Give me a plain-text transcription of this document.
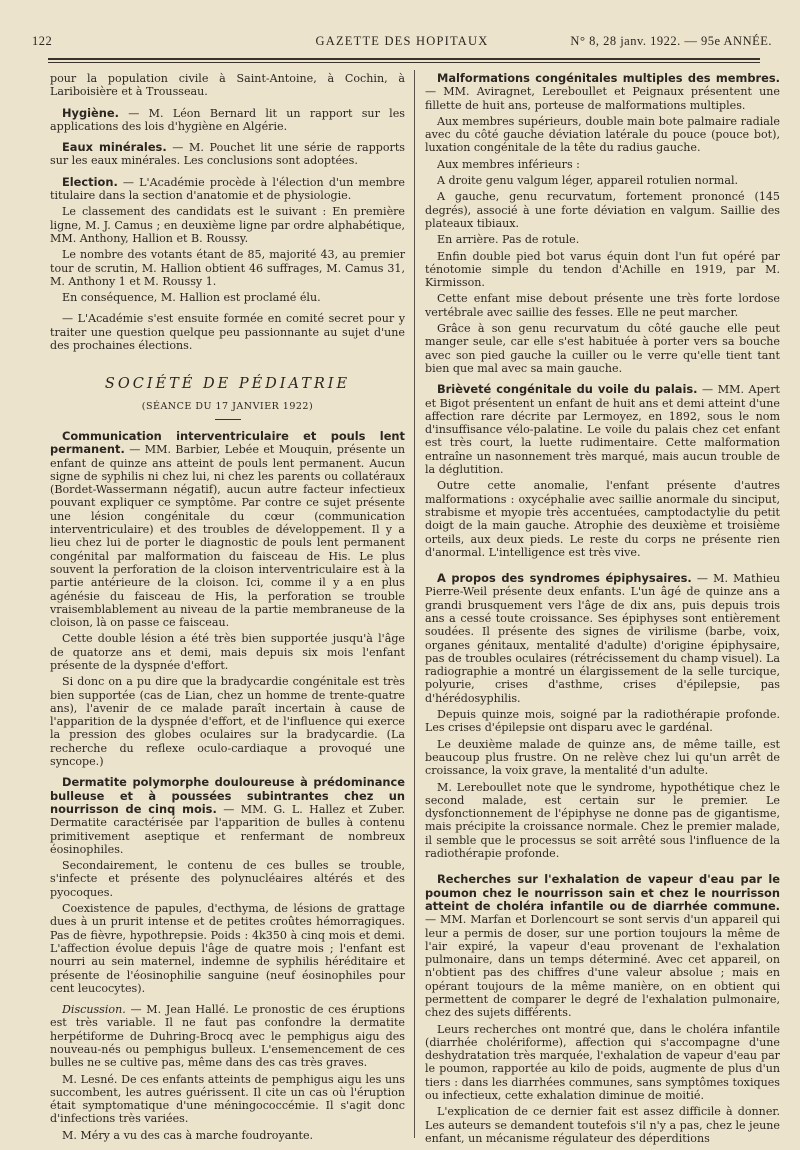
122	GAZETTE DES HOPITAUX	N° 8, 28 janv. 1922. — 95e ANNÉE.

pour la population civile à Saint-Antoine, à Cochin, à Lariboisière et à Trousseau.

Hygiène. — M. Léon Bernard lit un rapport sur les applications des lois d'hygiène en Algérie.

Eaux minérales. — M. Pouchet lit une série de rapports sur les eaux minérales. Les conclusions sont adoptées.

Election. — L'Académie procède à l'élection d'un membre titulaire dans la section d'anatomie et de physiologie.

Le classement des candidats est le suivant : En première ligne, M. J. Camus ; en deuxième ligne par ordre alphabétique, MM. Anthony, Hallion et B. Roussy.

Le nombre des votants étant de 85, majorité 43, au premier tour de scrutin, M. Hallion obtient 46 suffrages, M. Camus 31, M. Anthony 1 et M. Roussy 1.

En conséquence, M. Hallion est proclamé élu.

— L'Académie s'est ensuite formée en comité secret pour y traiter une question quelque peu passionnante au sujet d'une des prochaines élections.

SOCIÉTÉ DE PÉDIATRIE

(SÉANCE DU 17 JANVIER 1922)

Communication interventriculaire et pouls lent permanent. — MM. Barbier, Lebée et Mouquin, présente un enfant de quinze ans atteint de pouls lent permanent. Aucun signe de syphilis ni chez lui, ni chez les parents ou collatéraux (Bordet-Wassermann négatif), aucun autre facteur infectieux pouvant expliquer ce symptôme. Par contre ce sujet présente une lésion congénitale du cœur (communication interventriculaire) et des troubles de développement. Il y a lieu chez lui de porter le diagnostic de pouls lent permanent congénital par malformation du faisceau de His. Le plus souvent la perforation de la cloison interventriculaire est à la partie antérieure de la cloison. Ici, comme il y a en plus agénésie du faisceau de His, la perforation se trouble vraisemblablement au niveau de la partie membraneuse de la cloison, là on passe ce faisceau.

Cette double lésion a été très bien supportée jusqu'à l'âge de quatorze ans et demi, mais depuis six mois l'enfant présente de la dyspnée d'effort.

Si donc on a pu dire que la bradycardie congénitale est très bien supportée (cas de Lian, chez un homme de trente-quatre ans), l'avenir de ce malade paraît incertain à cause de l'apparition de la dyspnée d'effort, et de l'influence qui exerce la pression des globes oculaires sur la bradycardie. (La recherche du reflexe oculo-cardiaque a provoqué une syncope.)

Dermatite polymorphe douloureuse à prédominance bulleuse et à poussées subintrantes chez un nourrisson de cinq mois. — MM. G. L. Hallez et Zuber. Dermatite caractérisée par l'apparition de bulles à contenu primitivement aseptique et renfermant de nombreux éosinophiles.

Secondairement, le contenu de ces bulles se trouble, s'infecte et présente des polynucléaires altérés et des pyocoques.

Coexistence de papules, d'ecthyma, de lésions de grattage dues à un prurit intense et de petites croûtes hémorragiques. Pas de fièvre, hypothrepsie. Poids : 4k350 à cinq mois et demi. L'affection évolue depuis l'âge de quatre mois ; l'enfant est nourri au sein maternel, indemne de syphilis héréditaire et présente de l'éosinophilie sanguine (neuf éosinophiles pour cent leucocytes).

Discussion. — M. Jean Hallé. Le pronostic de ces éruptions est très variable. Il ne faut pas confondre la dermatite herpétiforme de Duhring-Brocq avec le pemphigus aigu des nouveau-nés ou pemphigus bulleux. L'ensemencement de ces bulles ne se cultive pas, même dans des cas très graves.

M. Lesné. De ces enfants atteints de pemphigus aigu les uns succombent, les autres guérissent. Il cite un cas où l'éruption était symptomatique d'une méningococcémie. Il s'agit donc d'infections très variées.

M. Méry a vu des cas à marche foudroyante.

Malformations congénitales multiples des membres. — MM. Aviragnet, Lereboullet et Peignaux présentent une fillette de huit ans, porteuse de malformations multiples.

Aux membres supérieurs, double main bote palmaire radiale avec du côté gauche déviation latérale du pouce (pouce bot), luxation congénitale de la tête du radius gauche.

Aux membres inférieurs :

A droite genu valgum léger, appareil rotulien normal.

A gauche, genu recurvatum, fortement prononcé (145 degrés), associé à une forte déviation en valgum. Saillie des plateaux tibiaux.

En arrière. Pas de rotule.

Enfin double pied bot varus équin dont l'un fut opéré par ténotomie simple du tendon d'Achille en 1919, par M. Kirmisson.

Cette enfant mise debout présente une très forte lordose vertébrale avec saillie des fesses. Elle ne peut marcher.

Grâce à son genu recurvatum du côté gauche elle peut manger seule, car elle s'est habituée à porter vers sa bouche avec son pied gauche la cuiller ou le verre qu'elle tient tant bien que mal avec sa main gauche.

Brièveté congénitale du voile du palais. — MM. Apert et Bigot présentent un enfant de huit ans et demi atteint d'une affection rare décrite par Lermoyez, en 1892, sous le nom d'insuffisance vélo-palatine. Le voile du palais chez cet enfant est très court, la luette rudimentaire. Cette malformation entraîne un nasonnement très marqué, mais aucun trouble de la déglutition.

Outre cette anomalie, l'enfant présente d'autres malformations : oxycéphalie avec saillie anormale du sinciput, strabisme et myopie très accentuées, camptodactylie du petit doigt de la main gauche. Atrophie des deuxième et troisième orteils, aux deux pieds. Le reste du corps ne présente rien d'anormal. L'intelligence est très vive.

A propos des syndromes épiphysaires. — M. Mathieu Pierre-Weil présente deux enfants. L'un âgé de quinze ans a grandi brusquement vers l'âge de dix ans, puis depuis trois ans a cessé toute croissance. Ses épiphyses sont entièrement soudées. Il présente des signes de virilisme (barbe, voix, organes génitaux, mentalité d'adulte) d'origine épiphysaire, pas de troubles oculaires (rétrécissement du champ visuel). La radiographie a montré un élargissement de la selle turcique, polyurie, crises d'asthme, crises d'épilepsie, pas d'hérédosyphilis.

Depuis quinze mois, soigné par la radiothérapie profonde. Les crises d'épilepsie ont disparu avec le gardénal.

Le deuxième malade de quinze ans, de même taille, est beaucoup plus frustre. On ne relève chez lui qu'un arrêt de croissance, la voix grave, la mentalité d'un adulte.

M. Lereboullet note que le syndrome, hypothétique chez le second malade, est certain sur le premier. Le dysfonctionnement de l'épiphyse ne donne pas de gigantisme, mais précipite la croissance normale. Chez le premier malade, il semble que le processus se soit arrêté sous l'influence de la radiothérapie profonde.

Recherches sur l'exhalation de vapeur d'eau par le poumon chez le nourrisson sain et chez le nourrisson atteint de choléra infantile ou de diarrhée commune. — MM. Marfan et Dorlencourt se sont servis d'un appareil qui leur a permis de doser, sur une portion toujours la même de l'air expiré, la vapeur d'eau provenant de l'exhalation pulmonaire, dans un temps déterminé. Avec cet appareil, on n'obtient pas des chiffres d'une valeur absolue ; mais en opérant toujours de la même manière, on en obtient qui permettent de comparer le degré de l'exhalation pulmonaire, chez des sujets différents.

Leurs recherches ont montré que, dans le choléra infantile (diarrhée cholériforme), affection qui s'accompagne d'une deshydratation très marquée, l'exhalation de vapeur d'eau par le poumon, rapportée au kilo de poids, augmente de plus d'un tiers : dans les diarrhées communes, sans symptômes toxiques ou infectieux, cette exhalation diminue de moitié.

L'explication de ce dernier fait est assez difficile à donner. Les auteurs se demandent toutefois s'il n'y a pas, chez le jeune enfant, un mécanisme régulateur des déperditions
